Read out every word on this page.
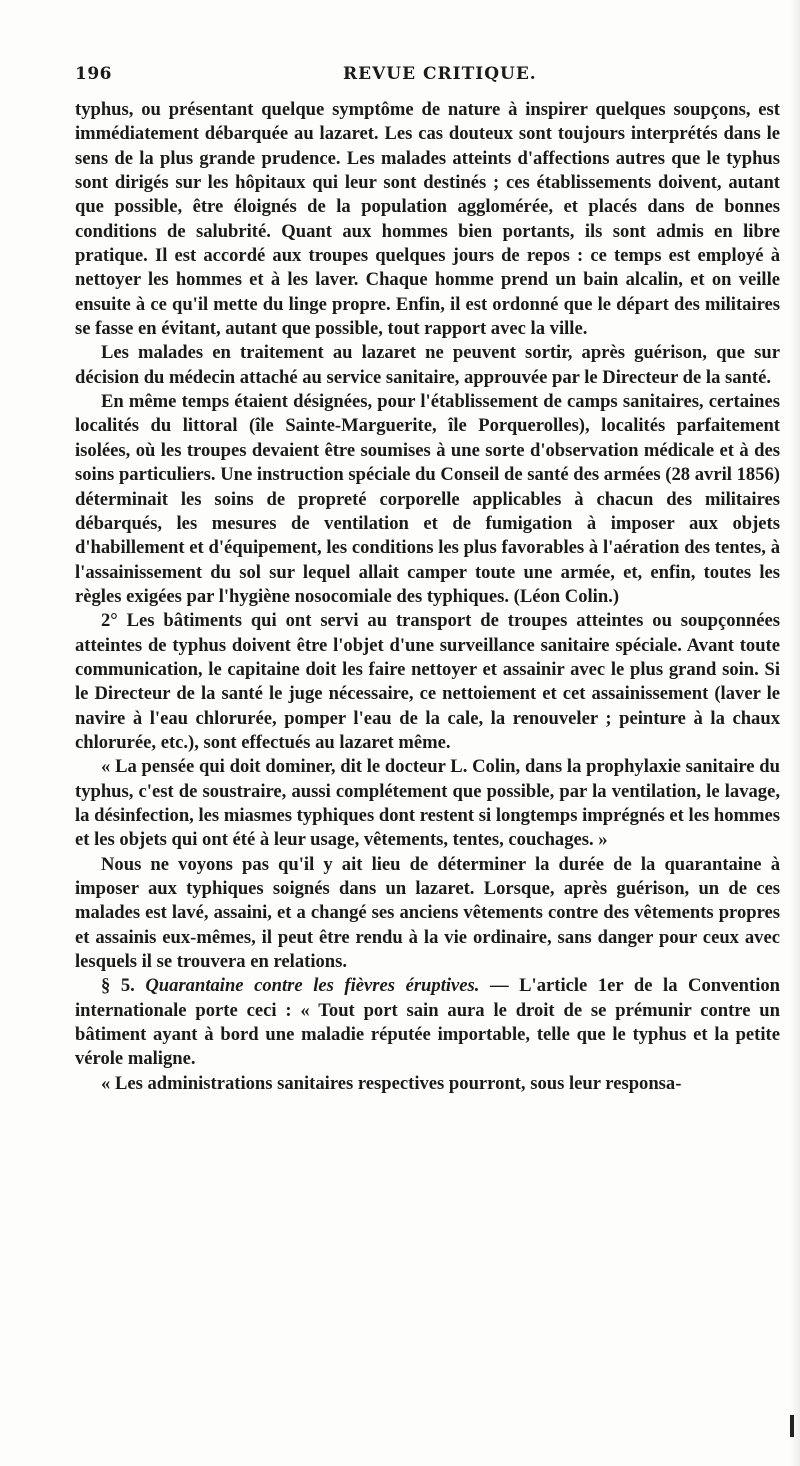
196	REVUE CRITIQUE.

typhus, ou présentant quelque symptôme de nature à inspirer quelques soupçons, est immédiatement débarquée au lazaret. Les cas douteux sont toujours interprétés dans le sens de la plus grande prudence. Les malades atteints d'affections autres que le typhus sont dirigés sur les hôpitaux qui leur sont destinés ; ces établissements doivent, autant que possible, être éloignés de la population agglomérée, et placés dans de bonnes conditions de salubrité. Quant aux hommes bien portants, ils sont admis en libre pratique. Il est accordé aux troupes quelques jours de repos : ce temps est employé à nettoyer les hommes et à les laver. Chaque homme prend un bain alcalin, et on veille ensuite à ce qu'il mette du linge propre. Enfin, il est ordonné que le départ des militaires se fasse en évitant, autant que possible, tout rapport avec la ville.

Les malades en traitement au lazaret ne peuvent sortir, après guérison, que sur décision du médecin attaché au service sanitaire, approuvée par le Directeur de la santé.

En même temps étaient désignées, pour l'établissement de camps sanitaires, certaines localités du littoral (île Sainte-Marguerite, île Porquerolles), localités parfaitement isolées, où les troupes devaient être soumises à une sorte d'observation médicale et à des soins particuliers. Une instruction spéciale du Conseil de santé des armées (28 avril 1856) déterminait les soins de propreté corporelle applicables à chacun des militaires débarqués, les mesures de ventilation et de fumigation à imposer aux objets d'habillement et d'équipement, les conditions les plus favorables à l'aération des tentes, à l'assainissement du sol sur lequel allait camper toute une armée, et, enfin, toutes les règles exigées par l'hygiène nosocomiale des typhiques. (Léon Colin.)

2° Les bâtiments qui ont servi au transport de troupes atteintes ou soupçonnées atteintes de typhus doivent être l'objet d'une surveillance sanitaire spéciale. Avant toute communication, le capitaine doit les faire nettoyer et assainir avec le plus grand soin. Si le Directeur de la santé le juge nécessaire, ce nettoiement et cet assainissement (laver le navire à l'eau chlorurée, pomper l'eau de la cale, la renouveler ; peinture à la chaux chlorurée, etc.), sont effectués au lazaret même.

« La pensée qui doit dominer, dit le docteur L. Colin, dans la prophylaxie sanitaire du typhus, c'est de soustraire, aussi complétement que possible, par la ventilation, le lavage, la désinfection, les miasmes typhiques dont restent si longtemps imprégnés et les hommes et les objets qui ont été à leur usage, vêtements, tentes, couchages. »

Nous ne voyons pas qu'il y ait lieu de déterminer la durée de la quarantaine à imposer aux typhiques soignés dans un lazaret. Lorsque, après guérison, un de ces malades est lavé, assaini, et a changé ses anciens vêtements contre des vêtements propres et assainis eux-mêmes, il peut être rendu à la vie ordinaire, sans danger pour ceux avec lesquels il se trouvera en relations.

§ 5. Quarantaine contre les fièvres éruptives. — L'article 1er de la Convention internationale porte ceci : « Tout port sain aura le droit de se prémunir contre un bâtiment ayant à bord une maladie réputée importable, telle que le typhus et la petite vérole maligne.

« Les administrations sanitaires respectives pourront, sous leur responsa-
